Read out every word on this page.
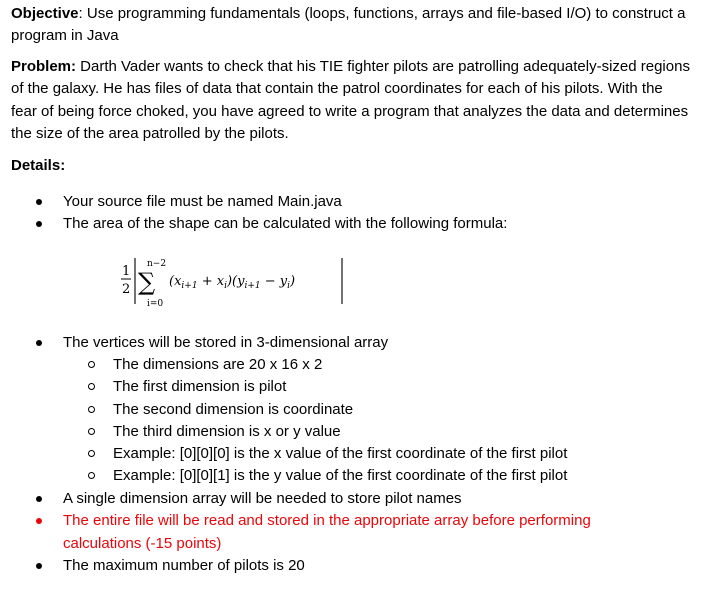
Objective: Use programming fundamentals (loops, functions, arrays and file-based I/O) to construct a program in Java

Problem: Darth Vader wants to check that his TIE fighter pilots are patrolling adequately-sized regions of the galaxy. He has files of data that contain the patrol coordinates for each of his pilots. With the fear of being force choked, you have agreed to write a program that analyzes the data and determines the size of the area patrolled by the pilots.

Details:

Your source file must be named Main.java
The area of the shape can be calculated with the following formula:
1
2
n−2
∑
i=0
$(x_{i+1} + x_i)(y_{i+1} - y_i)$
The vertices will be stored in 3-dimensional array
The dimensions are 20 x 16 x 2
The first dimension is pilot
The second dimension is coordinate
The third dimension is x or y value
Example: [0][0][0] is the x value of the first coordinate of the first pilot
Example: [0][0][1] is the y value of the first coordinate of the first pilot
A single dimension array will be needed to store pilot names
The entire file will be read and stored in the appropriate array before performing calculations (-15 points)
The maximum number of pilots is 20
